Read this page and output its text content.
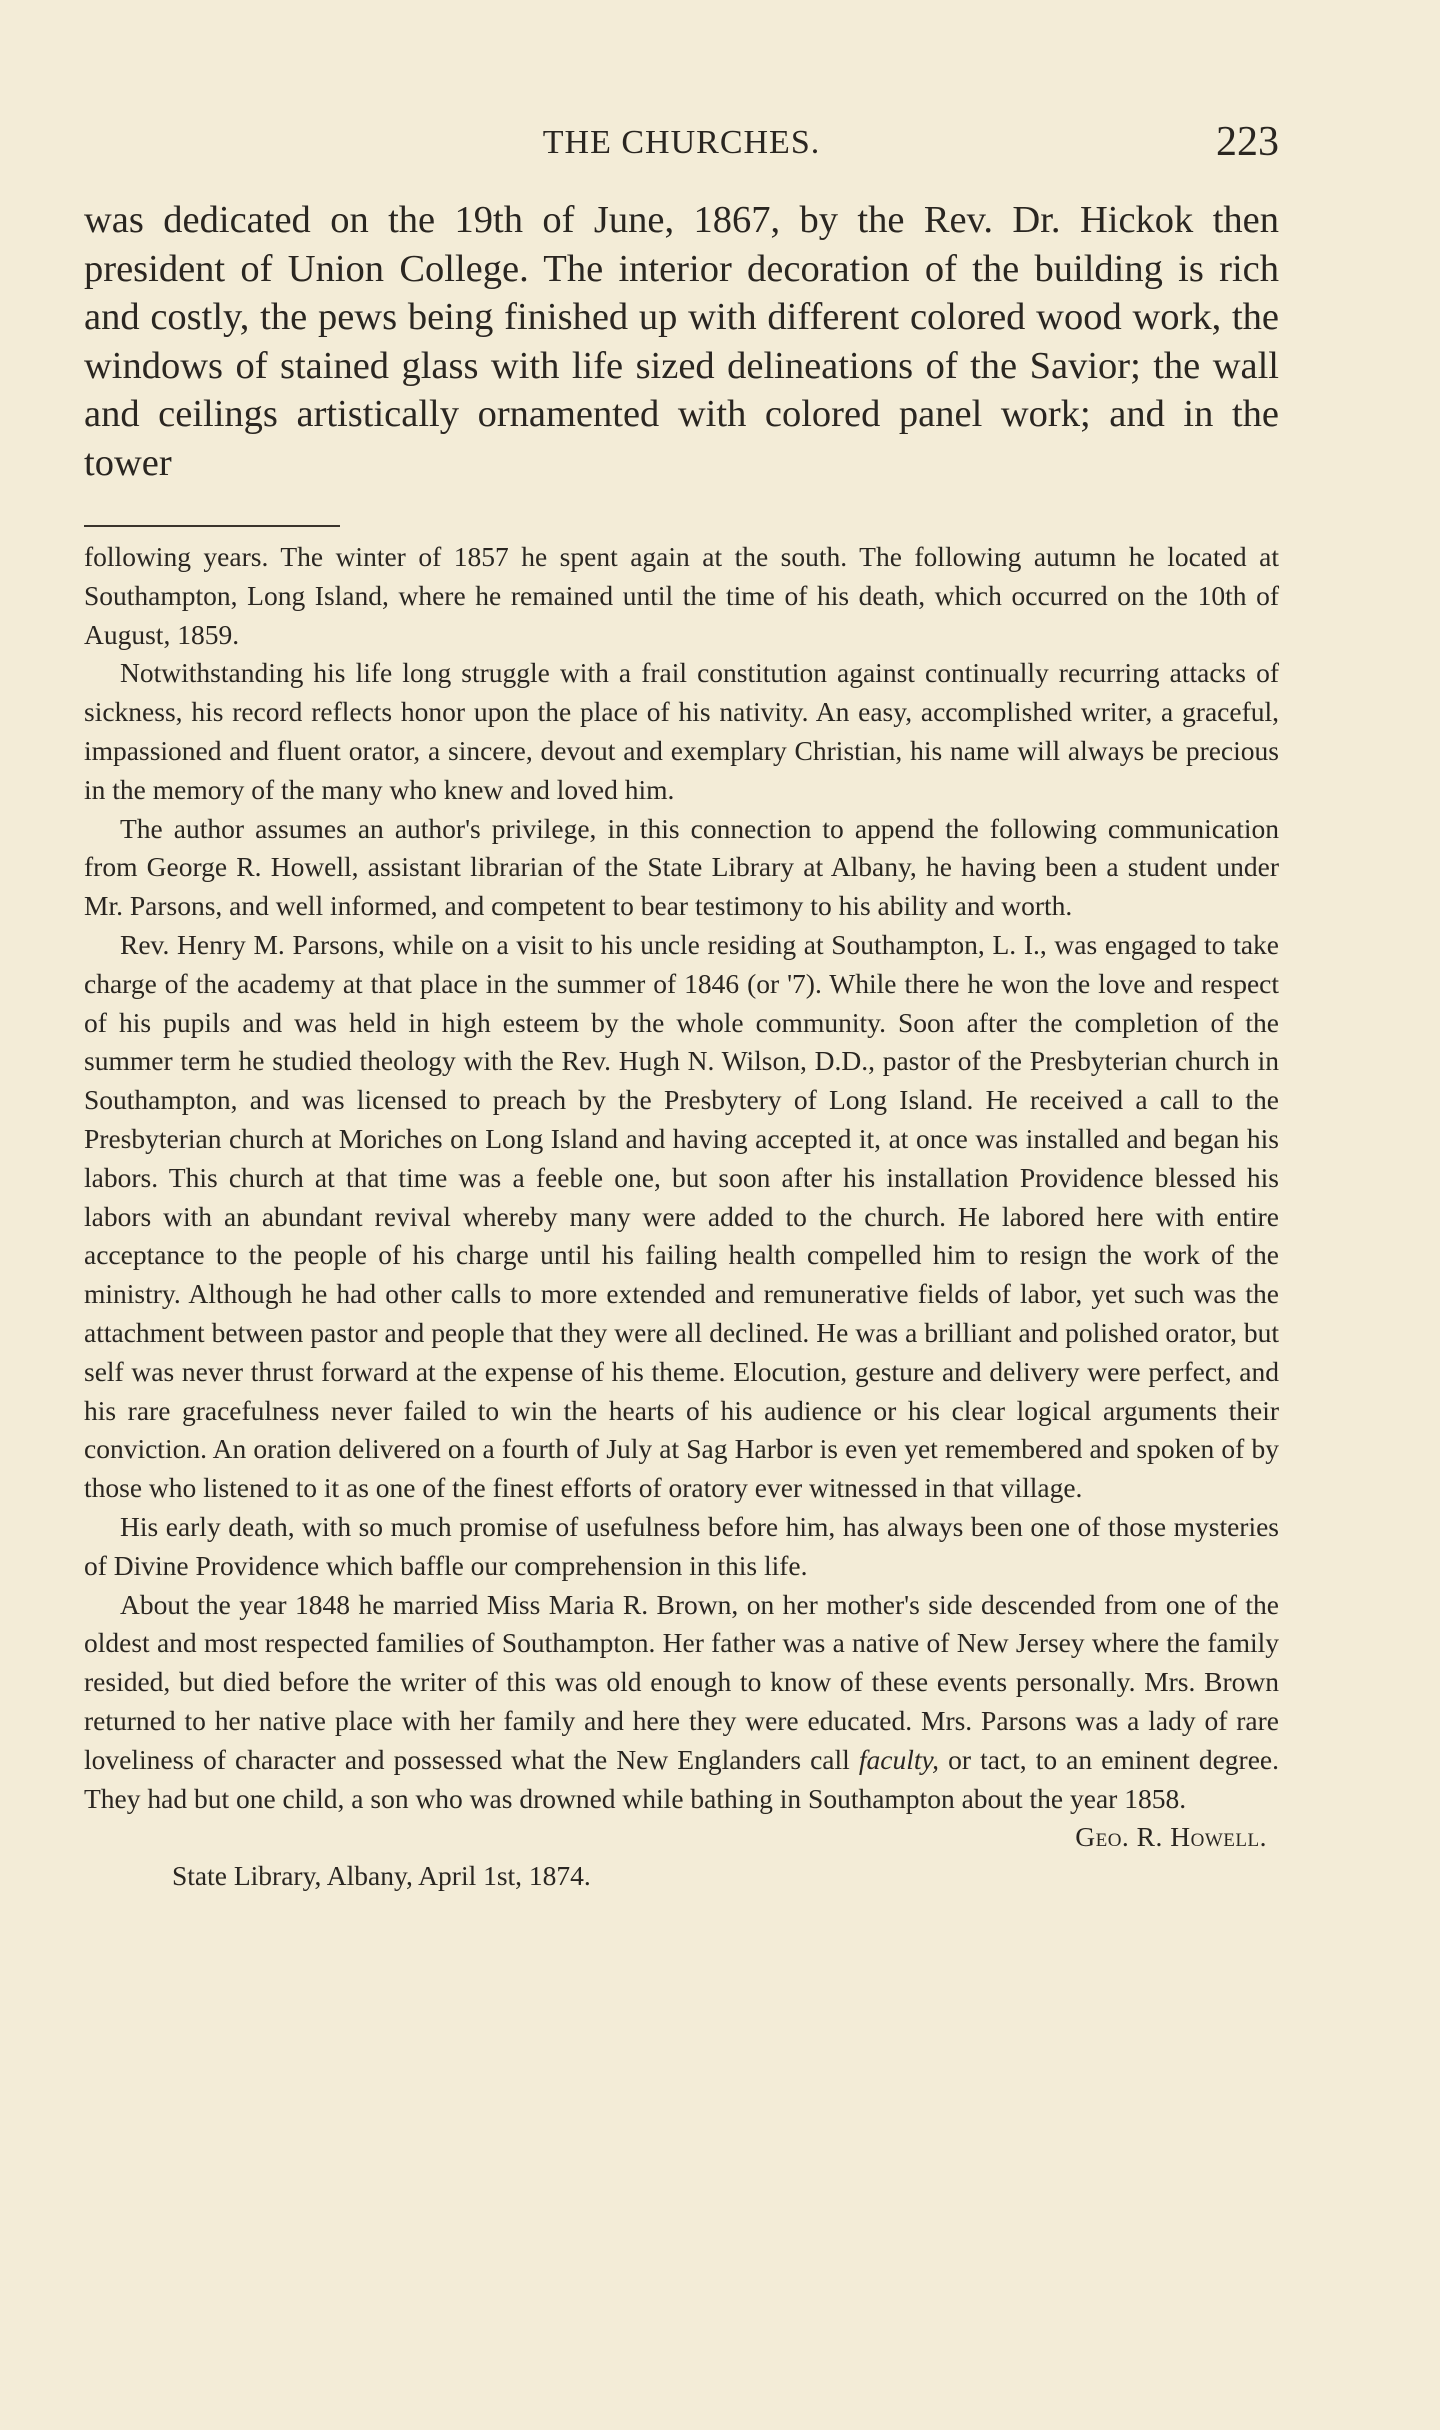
THE CHURCHES.	223

was dedicated on the 19th of June, 1867, by the Rev. Dr. Hickok then president of Union College. The interior decoration of the building is rich and costly, the pews being finished up with different colored wood work, the windows of stained glass with life sized delineations of the Savior; the wall and ceilings artistically ornamented with colored panel work; and in the tower

following years. The winter of 1857 he spent again at the south. The following autumn he located at Southampton, Long Island, where he remained until the time of his death, which occurred on the 10th of August, 1859.

Notwithstanding his life long struggle with a frail constitution against continually recurring attacks of sickness, his record reflects honor upon the place of his nativity. An easy, accomplished writer, a graceful, impassioned and fluent orator, a sincere, devout and exemplary Christian, his name will always be precious in the memory of the many who knew and loved him.

The author assumes an author's privilege, in this connection to append the following communication from George R. Howell, assistant librarian of the State Library at Albany, he having been a student under Mr. Parsons, and well informed, and competent to bear testimony to his ability and worth.

Rev. Henry M. Parsons, while on a visit to his uncle residing at Southampton, L. I., was engaged to take charge of the academy at that place in the summer of 1846 (or '7). While there he won the love and respect of his pupils and was held in high esteem by the whole community. Soon after the completion of the summer term he studied theology with the Rev. Hugh N. Wilson, D.D., pastor of the Presbyterian church in Southampton, and was licensed to preach by the Presbytery of Long Island. He received a call to the Presbyterian church at Moriches on Long Island and having accepted it, at once was installed and began his labors. This church at that time was a feeble one, but soon after his installation Providence blessed his labors with an abundant revival whereby many were added to the church. He labored here with entire acceptance to the people of his charge until his failing health compelled him to resign the work of the ministry. Although he had other calls to more extended and remunerative fields of labor, yet such was the attachment between pastor and people that they were all declined. He was a brilliant and polished orator, but self was never thrust forward at the expense of his theme. Elocution, gesture and delivery were perfect, and his rare gracefulness never failed to win the hearts of his audience or his clear logical arguments their conviction. An oration delivered on a fourth of July at Sag Harbor is even yet remembered and spoken of by those who listened to it as one of the finest efforts of oratory ever witnessed in that village.

His early death, with so much promise of usefulness before him, has always been one of those mysteries of Divine Providence which baffle our comprehension in this life.

About the year 1848 he married Miss Maria R. Brown, on her mother's side descended from one of the oldest and most respected families of Southampton. Her father was a native of New Jersey where the family resided, but died before the writer of this was old enough to know of these events personally. Mrs. Brown returned to her native place with her family and here they were educated. Mrs. Parsons was a lady of rare loveliness of character and possessed what the New Englanders call faculty, or tact, to an eminent degree. They had but one child, a son who was drowned while bathing in Southampton about the year 1858.

Geo. R. Howell.

State Library, Albany, April 1st, 1874.
